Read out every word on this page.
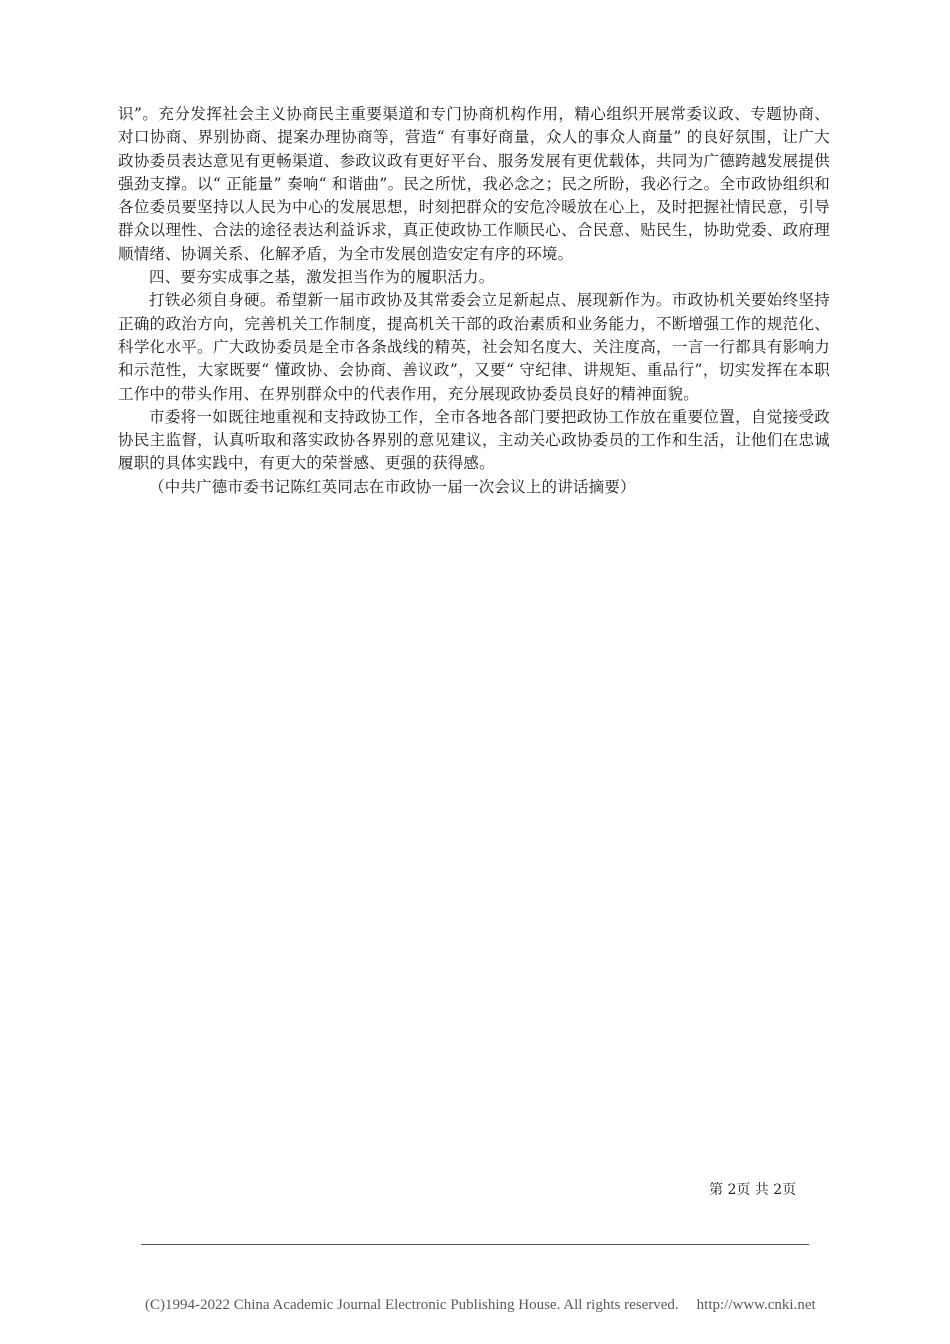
识”。充分发挥社会主义协商民主重要渠道和专门协商机构作用，精心组织开展常委议政、专题协商、对口协商、界别协商、提案办理协商等，营造“ 有事好商量，众人的事众人商量” 的良好氛围，让广大政协委员表达意见有更畅渠道、参政议政有更好平台、服务发展有更优载体，共同为广德跨越发展提供强劲支撑。以“ 正能量” 奏响“ 和谐曲”。民之所忧，我必念之；民之所盼，我必行之。全市政协组织和各位委员要坚持以人民为中心的发展思想，时刻把群众的安危冷暖放在心上，及时把握社情民意，引导群众以理性、合法的途径表达利益诉求，真正使政协工作顺民心、合民意、贴民生，协助党委、政府理顺情绪、协调关系、化解矛盾，为全市发展创造安定有序的环境。

四、要夯实成事之基，激发担当作为的履职活力。

打铁必须自身硬。希望新一届市政协及其常委会立足新起点、展现新作为。市政协机关要始终坚持正确的政治方向，完善机关工作制度，提高机关干部的政治素质和业务能力，不断增强工作的规范化、科学化水平。广大政协委员是全市各条战线的精英，社会知名度大、关注度高，一言一行都具有影响力和示范性，大家既要“ 懂政协、会协商、善议政”，又要“ 守纪律、讲规矩、重品行”，切实发挥在本职工作中的带头作用、在界别群众中的代表作用，充分展现政协委员良好的精神面貌。

市委将一如既往地重视和支持政协工作，全市各地各部门要把政协工作放在重要位置，自觉接受政协民主监督，认真听取和落实政协各界别的意见建议，主动关心政协委员的工作和生活，让他们在忠诚履职的具体实践中，有更大的荣誉感、更强的获得感。

（中共广德市委书记陈红英同志在市政协一届一次会议上的讲话摘要）

第 2页 共 2页
(C)1994-2022 China Academic Journal Electronic Publishing House. All rights reserved. http://www.cnki.net
